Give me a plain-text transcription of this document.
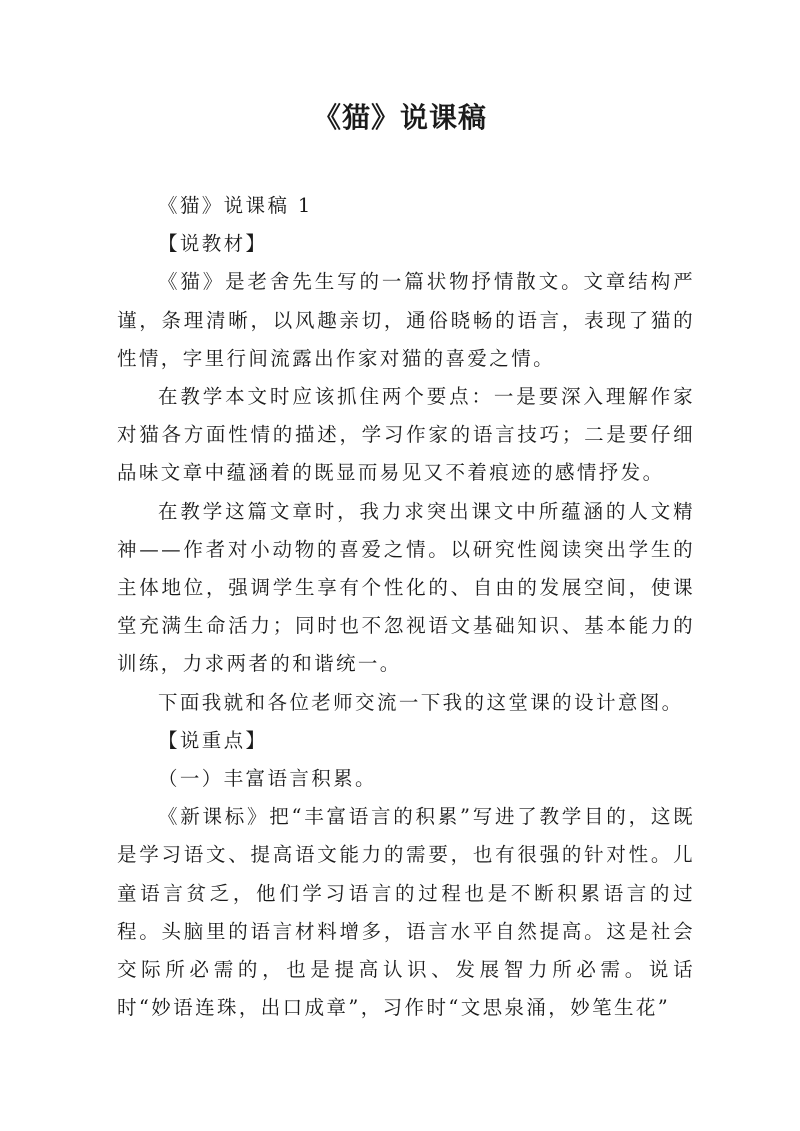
《猫》说课稿

《猫》说课稿 1

【说教材】

《猫》是老舍先生写的一篇状物抒情散文。文章结构严谨，条理清晰，以风趣亲切，通俗晓畅的语言，表现了猫的性情，字里行间流露出作家对猫的喜爱之情。

在教学本文时应该抓住两个要点：一是要深入理解作家对猫各方面性情的描述，学习作家的语言技巧；二是要仔细品味文章中蕴涵着的既显而易见又不着痕迹的感情抒发。

在教学这篇文章时，我力求突出课文中所蕴涵的人文精神——作者对小动物的喜爱之情。以研究性阅读突出学生的主体地位，强调学生享有个性化的、自由的发展空间，使课堂充满生命活力；同时也不忽视语文基础知识、基本能力的训练，力求两者的和谐统一。

下面我就和各位老师交流一下我的这堂课的设计意图。

【说重点】

（一）丰富语言积累。

《新课标》把“丰富语言的积累”写进了教学目的，这既是学习语文、提高语文能力的需要，也有很强的针对性。儿童语言贫乏，他们学习语言的过程也是不断积累语言的过程。头脑里的语言材料增多，语言水平自然提高。这是社会交际所必需的，也是提高认识、发展智力所必需。说话时“妙语连珠，出口成章”，习作时“文思泉涌，妙笔生花”
